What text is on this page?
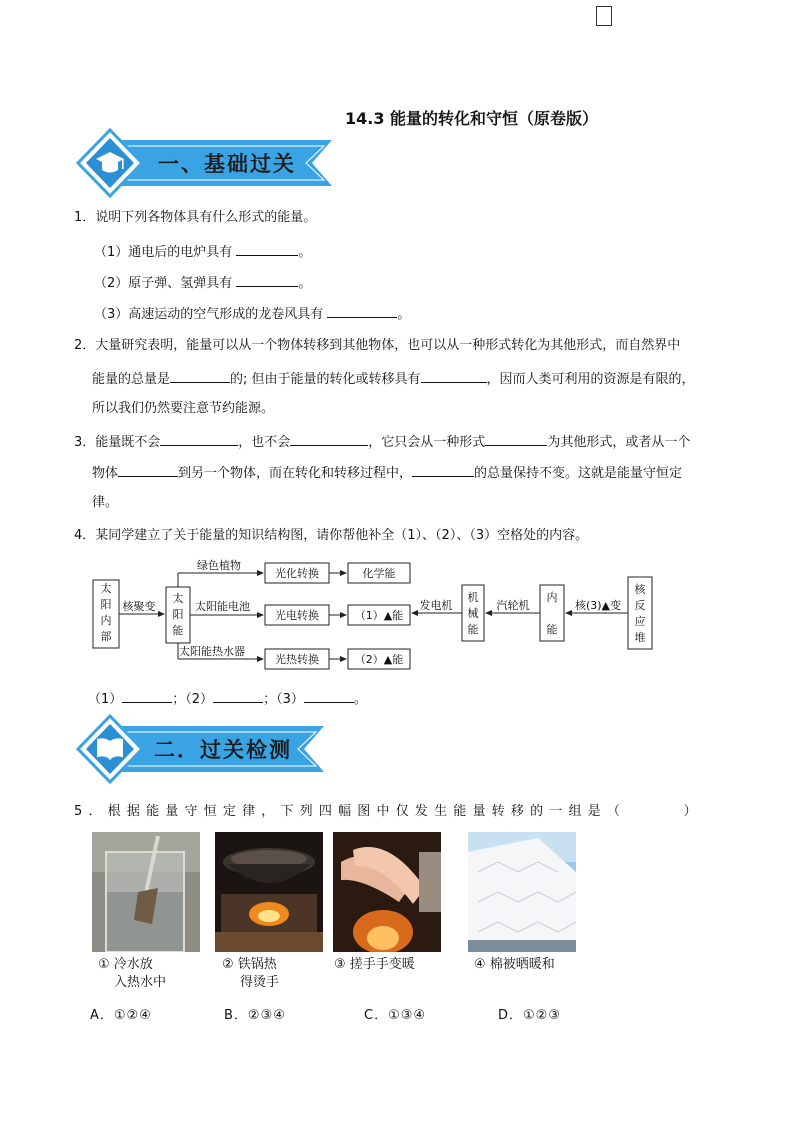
14.3 能量的转化和守恒（原卷版）
一、基础过关
1．说明下列各物体具有什么形式的能量。
（1）通电后的电炉具有	。
（2）原子弹、氢弹具有	。
（3）高速运动的空气形成的龙卷风具有	。
2．大量研究表明，能量可以从一个物体转移到其他物体，也可以从一种形式转化为其他形式，而自然界中
能量的总量是	的; 但由于能量的转化或转移具有	，因而人类可利用的资源是有限的，
所以我们仍然要注意节约能源。
3．能量既不会	，也不会	，它只会从一种形式	为其他形式，或者从一个
物体	到另一个物体，而在转化和转移过程中，	的总量保持不变。这就是能量守恒定
律。
4．某同学建立了关于能量的知识结构图，请你帮他补全（1）、（2）、（3）空格处的内容。
太
阳
内
部
核聚变
太
阳
能
绿色植物
光化转换	化学能
太阳能电池
光电转换	（1）▲能
发电机
机
械
能
汽轮机
内
能
核(3)▲变
核
反
应
堆
太阳能热水器
光热转换	（2）▲能
（1）	；（2）	；（3）	。
二．过关检测
5．根据能量守恒定律，下列四幅图中仅发生能量转移的一组是（　　　）
① 冷水放
入热水中
② 铁锅热
得烫手
③ 搓手手变暖	④ 棉被晒暖和
A．①②④	B．②③④	C．①③④	D．①②③
